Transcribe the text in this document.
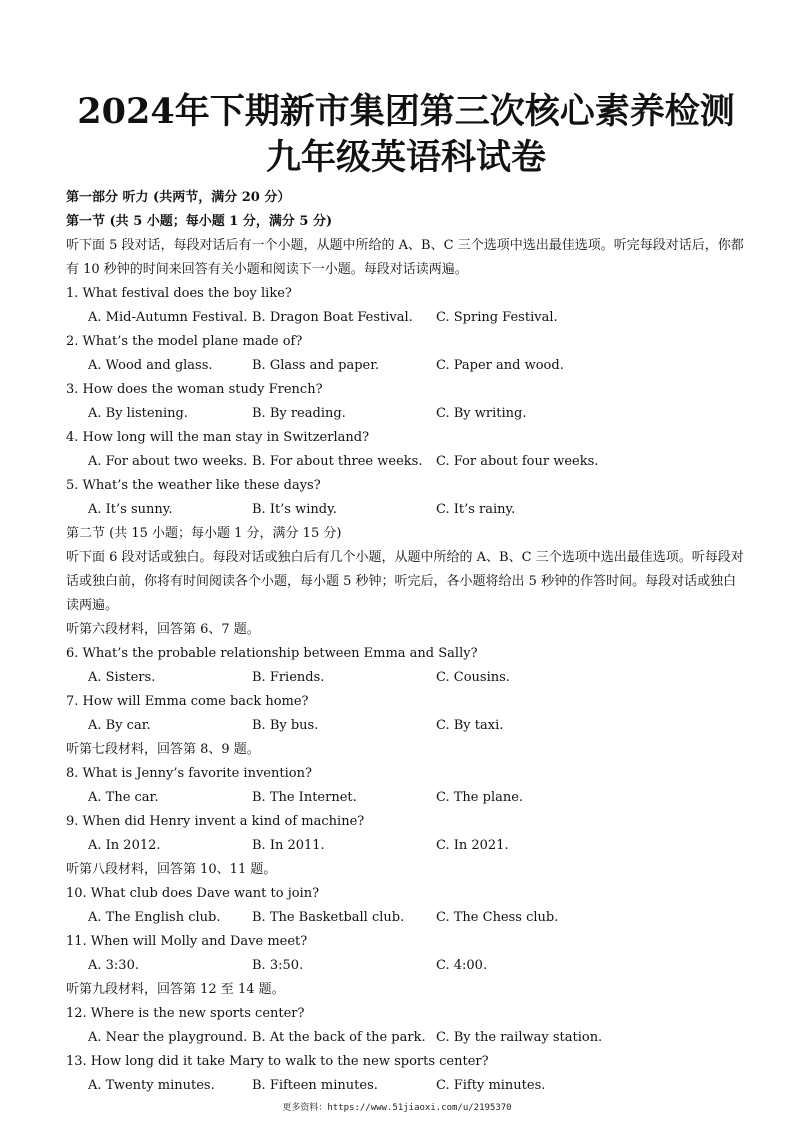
2024年下期新市集团第三次核心素养检测
九年级英语科试卷
第一部分 听力 (共两节，满分 20 分）
第一节 (共 5 小题；每小题 1 分，满分 5 分)
听下面 5 段对话，每段对话后有一个小题，从题中所给的 A、B、C 三个选项中选出最佳选项。听完每段对话后，你都有 10 秒钟的时间来回答有关小题和阅读下一小题。每段对话读两遍。
1. What festival does the boy like?
A. Mid-Autumn Festival. B. Dragon Boat Festival. C. Spring Festival.
2. What’s the model plane made of?
A. Wood and glass.	B. Glass and paper.	C. Paper and wood.
3. How does the woman study French?
A. By listening.	B. By reading.	C. By writing.
4. How long will the man stay in Switzerland?
A. For about two weeks. B. For about three weeks. C. For about four weeks.
5. What’s the weather like these days?
A. It’s sunny.	B. It’s windy.	C. It’s rainy.
第二节 (共 15 小题；每小题 1 分，满分 15 分)
听下面 6 段对话或独白。每段对话或独白后有几个小题，从题中所给的 A、B、C 三个选项中选出最佳选项。听每段对话或独白前，你将有时间阅读各个小题，每小题 5 秒钟；听完后，各小题将给出 5 秒钟的作答时间。每段对话或独白读两遍。
听第六段材料，回答第 6、7 题。
6. What’s the probable relationship between Emma and Sally?
A. Sisters.	B. Friends.	C. Cousins.
7. How will Emma come back home?
A. By car.	B. By bus.	C. By taxi.
听第七段材料，回答第 8、9 题。
8. What is Jenny’s favorite invention?
A. The car.	B. The Internet.	C. The plane.
9. When did Henry invent a kind of machine?
A. In 2012.	B. In 2011.	C. In 2021.
听第八段材料，回答第 10、11 题。
10. What club does Dave want to join?
A. The English club. B. The Basketball club. C. The Chess club.
11. When will Molly and Dave meet?
A. 3:30.	B. 3:50.	C. 4:00.
听第九段材料，回答第 12 至 14 题。
12. Where is the new sports center?
A. Near the playground. B. At the back of the park. C. By the railway station.
13. How long did it take Mary to walk to the new sports center?
A. Twenty minutes.	B. Fifteen minutes.	C. Fifty minutes.
更多资料：https://www.51jiaoxi.com/u/2195370
